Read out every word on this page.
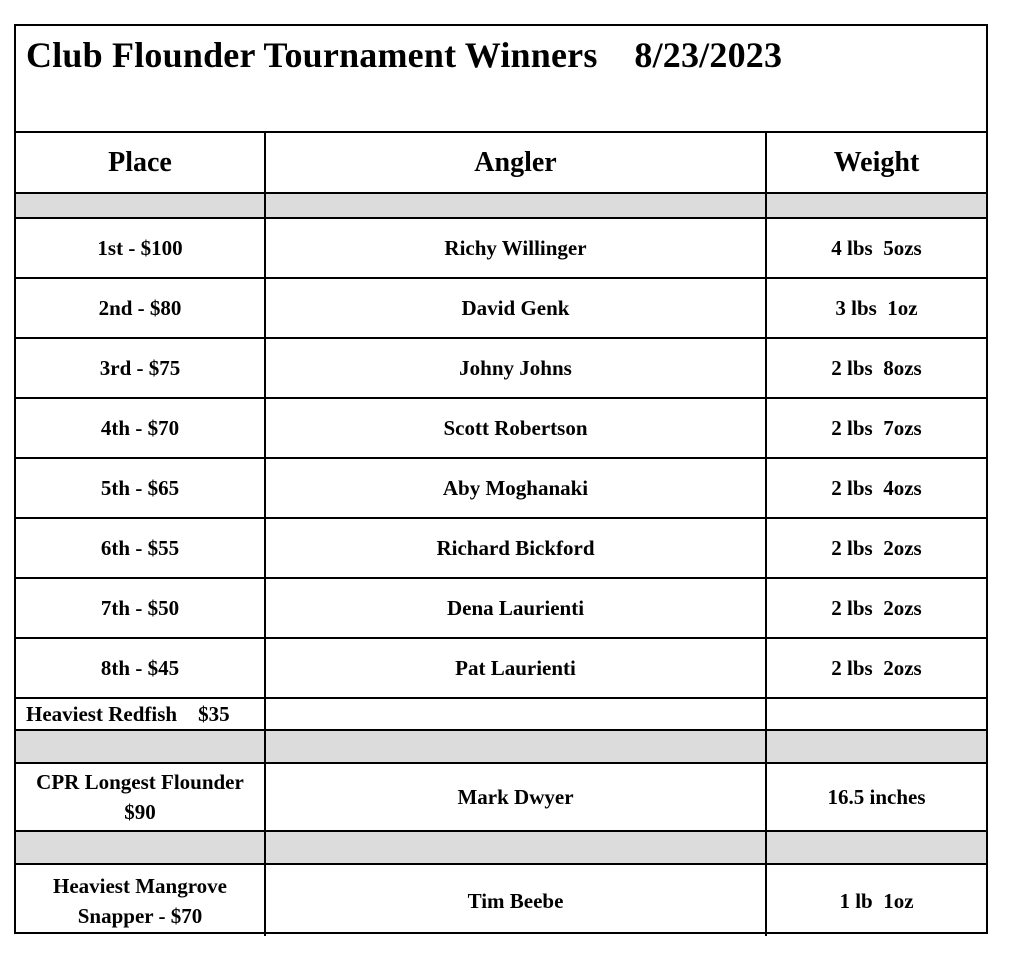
Club Flounder Tournament Winners    8/23/2023
Place	Angler	Weight

1st - $100	Richy Willinger	4 lbs  5ozs
2nd - $80	David Genk	3 lbs  1oz
3rd - $75	Johny Johns	2 lbs  8ozs
4th - $70	Scott Robertson	2 lbs  7ozs
5th - $65	Aby Moghanaki	2 lbs  4ozs
6th - $55	Richard Bickford	2 lbs  2ozs
7th - $50	Dena Laurienti	2 lbs  2ozs
8th - $45	Pat Laurienti	2 lbs  2ozs
Heaviest Redfish    $35		

CPR Longest Flounder
$90	Mark Dwyer	16.5 inches

Heaviest Mangrove
Snapper - $70	Tim Beebe	1 lb  1oz
